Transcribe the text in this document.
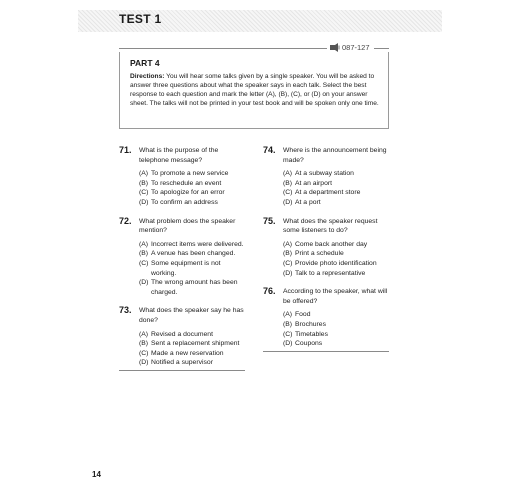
TEST 1
087-127
PART 4
Directions: You will hear some talks given by a single speaker. You will be asked to answer three questions about what the speaker says in each talk. Select the best response to each question and mark the letter (A), (B), (C), or (D) on your answer sheet. The talks will not be printed in your test book and will be spoken only one time.
71. What is the purpose of the telephone message?
(A) To promote a new service
(B) To reschedule an event
(C) To apologize for an error
(D) To confirm an address
72. What problem does the speaker mention?
(A) Incorrect items were delivered.
(B) A venue has been changed.
(C) Some equipment is not working.
(D) The wrong amount has been charged.
73. What does the speaker say he has done?
(A) Revised a document
(B) Sent a replacement shipment
(C) Made a new reservation
(D) Notified a supervisor
74. Where is the announcement being made?
(A) At a subway station
(B) At an airport
(C) At a department store
(D) At a port
75. What does the speaker request some listeners to do?
(A) Come back another day
(B) Print a schedule
(C) Provide photo identification
(D) Talk to a representative
76. According to the speaker, what will be offered?
(A) Food
(B) Brochures
(C) Timetables
(D) Coupons
14
